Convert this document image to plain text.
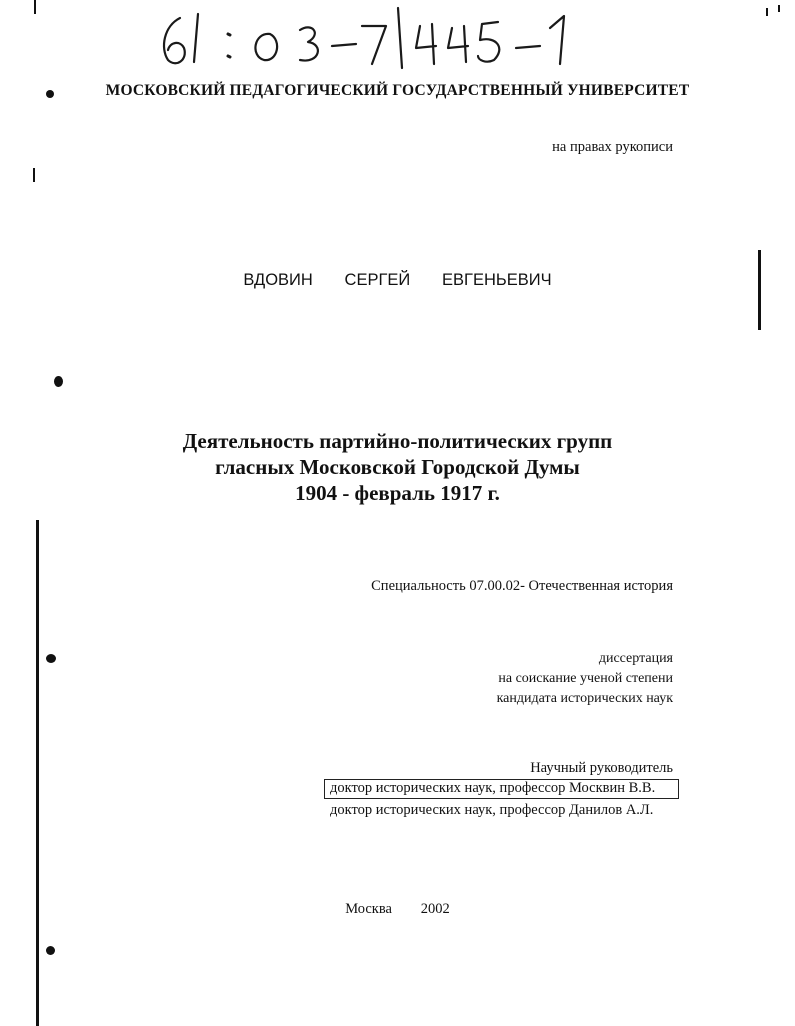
МОСКОВСКИЙ ПЕДАГОГИЧЕСКИЙ ГОСУДАРСТВЕННЫЙ УНИВЕРСИТЕТ
на правах рукописи
ВДОВИН   СЕРГЕЙ   ЕВГЕНЬЕВИЧ
Деятельность партийно-политических групп
гласных Московской Городской Думы
1904 - февраль 1917 г.
Специальность 07.00.02- Отечественная история
диссертация
на соискание ученой степени
кандидата исторических наук
Научный руководитель
доктор исторических наук, профессор Москвин В.В.
доктор исторических наук, профессор Данилов А.Л.
Москва   2002
